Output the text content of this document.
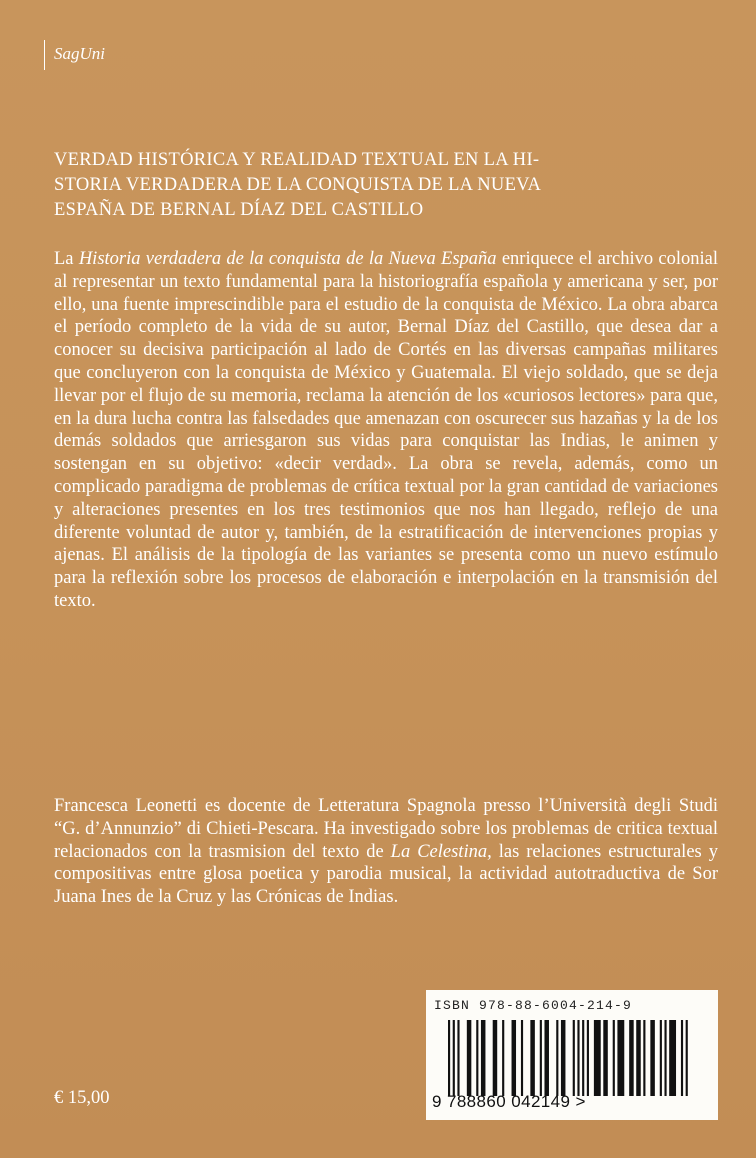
SagUni
VERDAD HISTÓRICA Y REALIDAD TEXTUAL EN LA HI-
STORIA VERDADERA DE LA CONQUISTA DE LA NUEVA
ESPAÑA DE BERNAL DÍAZ DEL CASTILLO

La Historia verdadera de la conquista de la Nueva España enriquece el archivo colonial al representar un texto fundamental para la historiografía española y americana y ser, por ello, una fuente imprescindible para el estudio de la conquista de México. La obra abarca el período completo de la vida de su autor, Bernal Díaz del Castillo, que desea dar a conocer su decisiva participación al lado de Cortés en las diversas campañas militares que concluyeron con la conquista de México y Guatemala. El viejo soldado, que se deja llevar por el flujo de su memoria, reclama la atención de los «curiosos lectores» para que, en la dura lucha contra las falsedades que amenazan con oscurecer sus hazañas y la de los demás soldados que arriesgaron sus vidas para conquistar las Indias, le animen y sostengan en su objetivo: «decir verdad». La obra se revela, además, como un complicado paradigma de problemas de crítica textual por la gran cantidad de variaciones y alteraciones presentes en los tres testimonios que nos han llegado, reflejo de una diferente voluntad de autor y, también, de la estratificación de intervenciones propias y ajenas. El análisis de la tipología de las variantes se presenta como un nuevo estímulo para la reflexión sobre los procesos de elaboración e interpolación en la transmisión del texto.

Francesca Leonetti es docente de Letteratura Spagnola presso l’Università degli Studi “G. d’Annunzio” di Chieti-Pescara. Ha investigado sobre los problemas de critica textual relacionados con la trasmision del texto de La Celestina, las relaciones estructurales y compositivas entre glosa poetica y parodia musical, la actividad autotraductiva de Sor Juana Ines de la Cruz y las Crónicas de Indias.

ISBN 978-88-6004-214-9
9 788860 042149 >
€ 15,00
